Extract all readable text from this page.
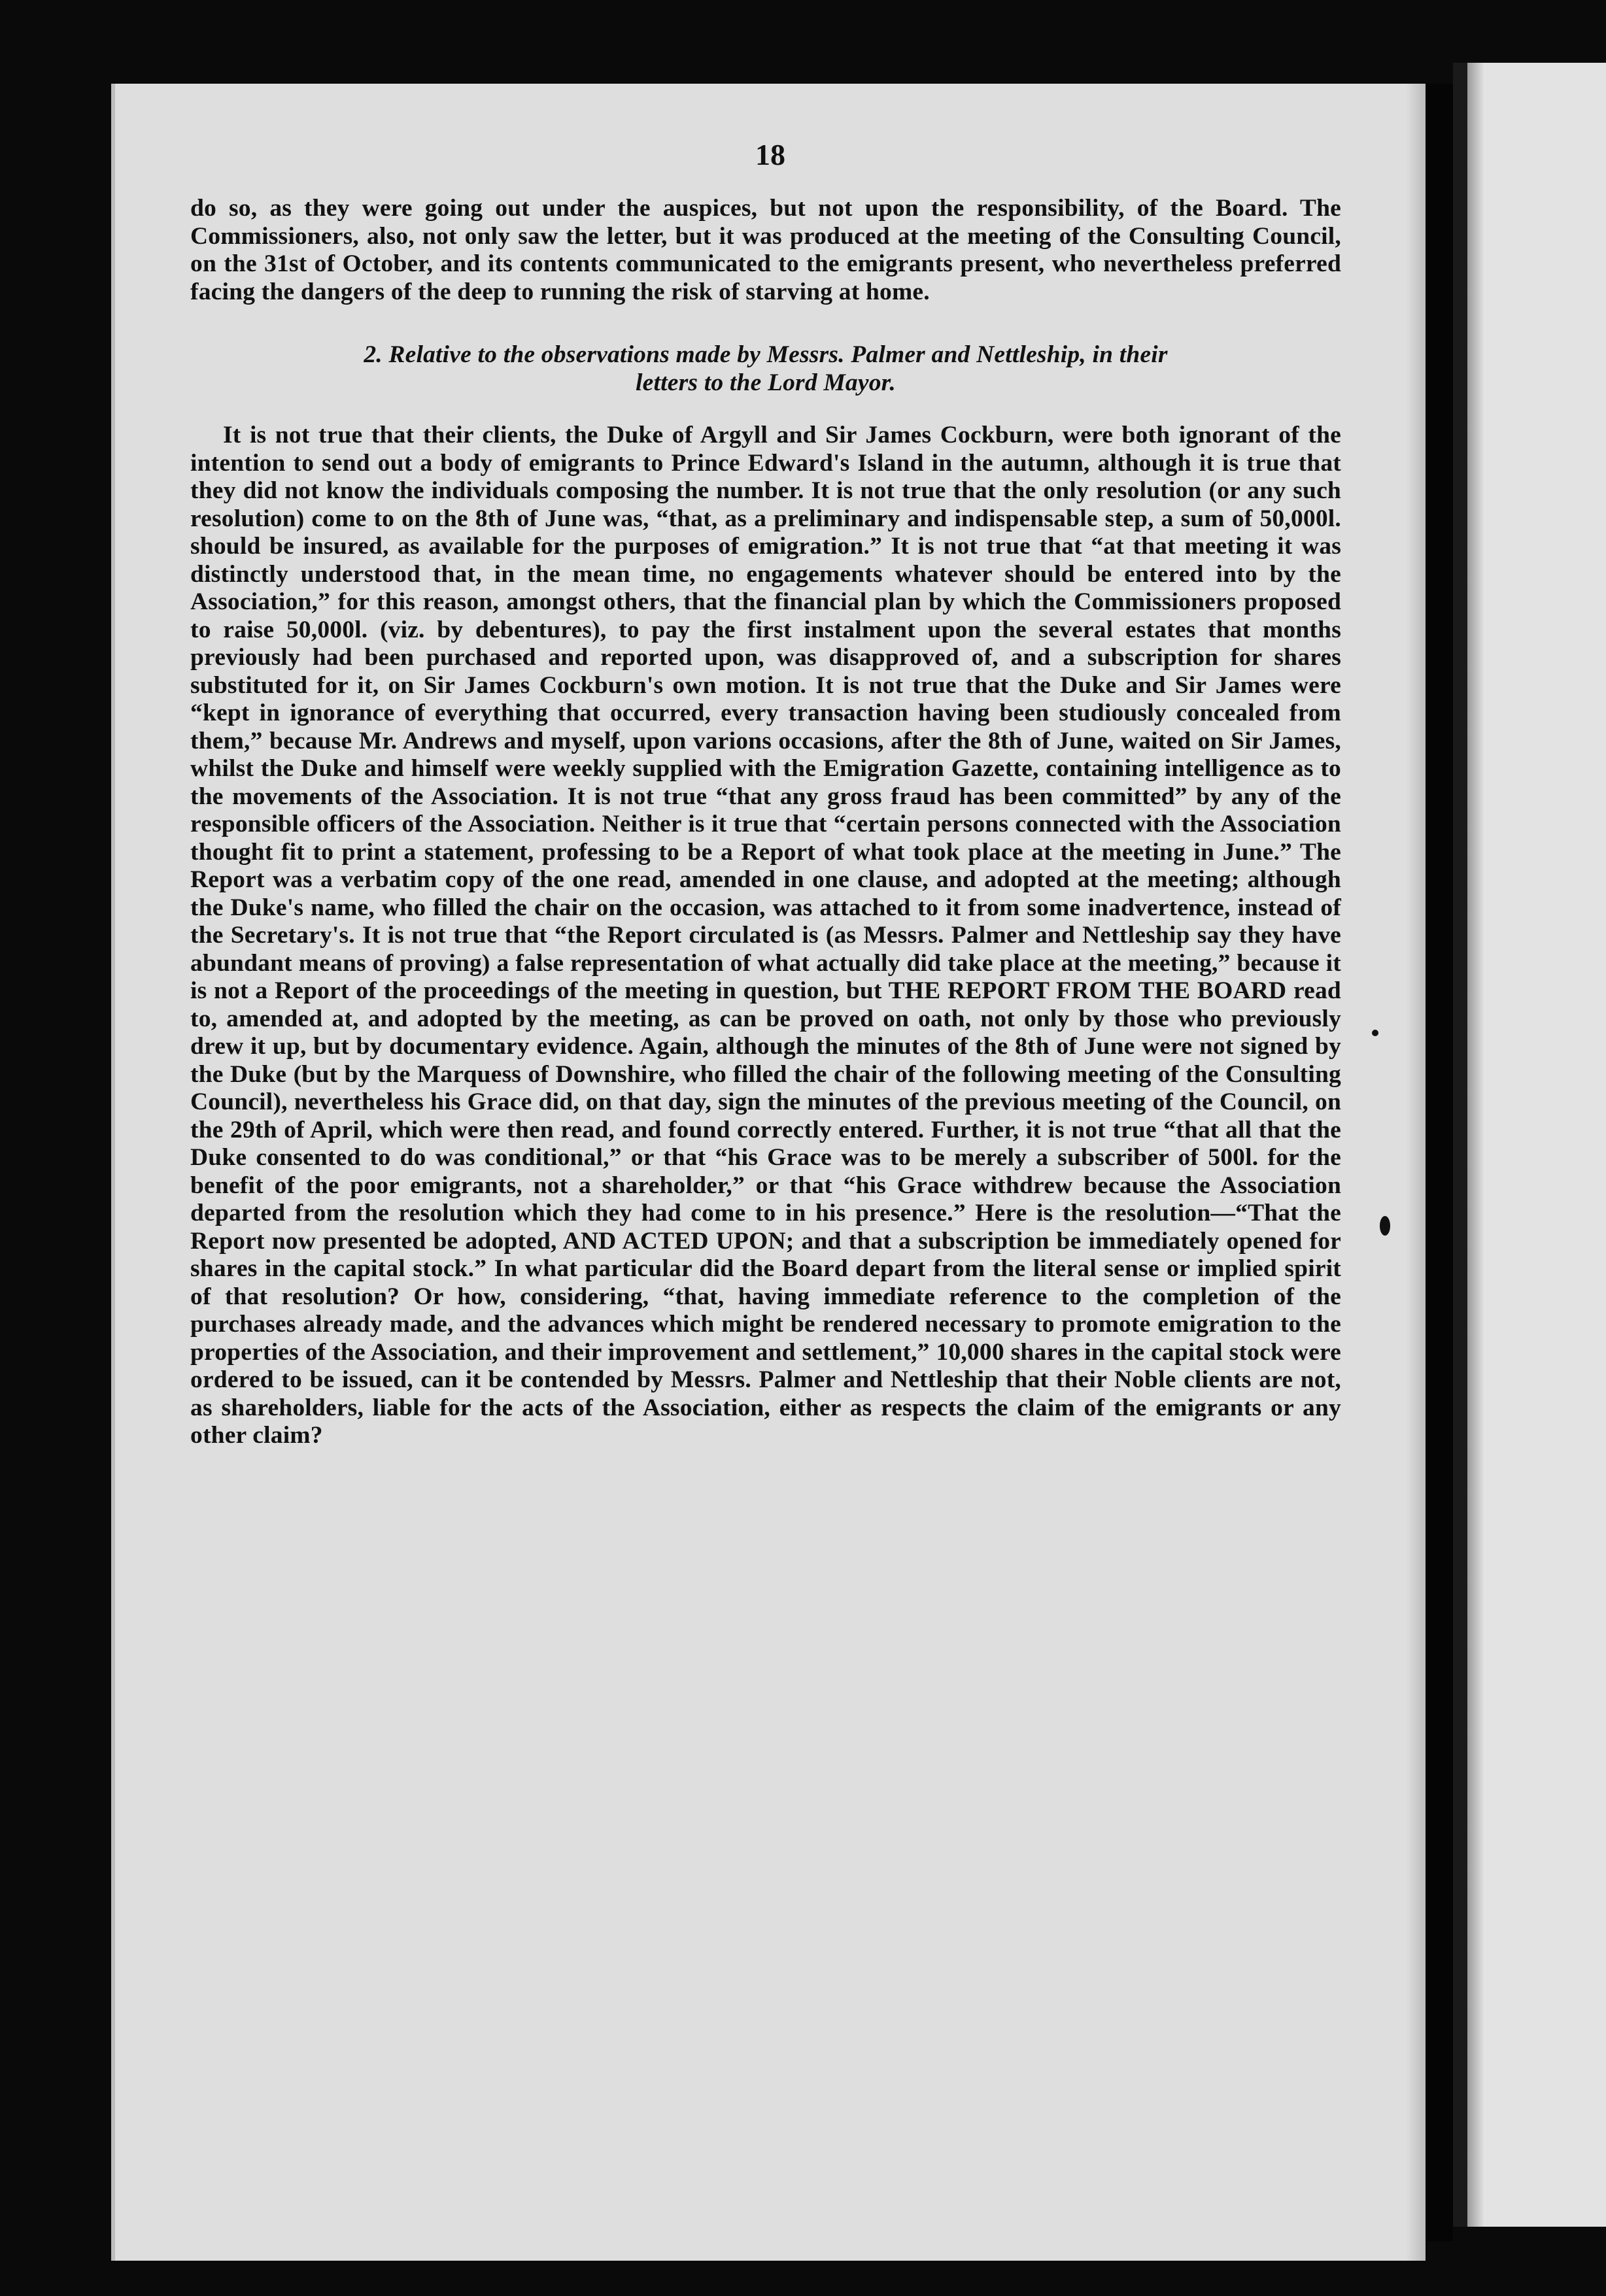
18

do so, as they were going out under the auspices, but not upon the responsibility, of the Board. The Commissioners, also, not only saw the letter, but it was produced at the meeting of the Consulting Council, on the 31st of October, and its contents communicated to the emigrants present, who nevertheless preferred facing the dangers of the deep to running the risk of starving at home.

2. Relative to the observations made by Messrs. Palmer and Nettleship, in their

letters to the Lord Mayor.

It is not true that their clients, the Duke of Argyll and Sir James Cockburn, were both ignorant of the intention to send out a body of emigrants to Prince Edward's Island in the autumn, although it is true that they did not know the individuals composing the number. It is not true that the only resolution (or any such resolution) come to on the 8th of June was, “that, as a preliminary and indispensable step, a sum of 50,000l. should be insured, as available for the purposes of emigration.” It is not true that “at that meeting it was distinctly understood that, in the mean time, no engagements whatever should be entered into by the Association,” for this reason, amongst others, that the financial plan by which the Commissioners proposed to raise 50,000l. (viz. by debentures), to pay the first instalment upon the several estates that months previously had been purchased and reported upon, was disapproved of, and a subscription for shares substituted for it, on Sir James Cockburn's own motion. It is not true that the Duke and Sir James were “kept in ignorance of everything that occurred, every transaction having been studiously concealed from them,” because Mr. Andrews and myself, upon varions occasions, after the 8th of June, waited on Sir James, whilst the Duke and himself were weekly supplied with the Emigration Gazette, containing intelligence as to the movements of the Association. It is not true “that any gross fraud has been committed” by any of the responsible officers of the Association. Neither is it true that “certain persons connected with the Association thought fit to print a statement, professing to be a Report of what took place at the meeting in June.” The Report was a verbatim copy of the one read, amended in one clause, and adopted at the meeting; although the Duke's name, who filled the chair on the occasion, was attached to it from some inadvertence, instead of the Secretary's. It is not true that “the Report circulated is (as Messrs. Palmer and Nettleship say they have abundant means of proving) a false representation of what actually did take place at the meeting,” because it is not a Report of the proceedings of the meeting in question, but THE REPORT FROM THE BOARD read to, amended at, and adopted by the meeting, as can be proved on oath, not only by those who previously drew it up, but by documentary evidence. Again, although the minutes of the 8th of June were not signed by the Duke (but by the Marquess of Downshire, who filled the chair of the following meeting of the Consulting Council), nevertheless his Grace did, on that day, sign the minutes of the previous meeting of the Council, on the 29th of April, which were then read, and found correctly entered. Further, it is not true “that all that the Duke consented to do was conditional,” or that “his Grace was to be merely a subscriber of 500l. for the benefit of the poor emigrants, not a shareholder,” or that “his Grace withdrew because the Association departed from the resolution which they had come to in his presence.” Here is the resolution—“That the Report now presented be adopted, AND ACTED UPON; and that a subscription be immediately opened for shares in the capital stock.” In what particular did the Board depart from the literal sense or implied spirit of that resolution? Or how, considering, “that, having immediate reference to the completion of the purchases already made, and the advances which might be rendered necessary to promote emigration to the properties of the Association, and their improvement and settlement,” 10,000 shares in the capital stock were ordered to be issued, can it be contended by Messrs. Palmer and Nettleship that their Noble clients are not, as shareholders, liable for the acts of the Association, either as respects the claim of the emigrants or any other claim?
